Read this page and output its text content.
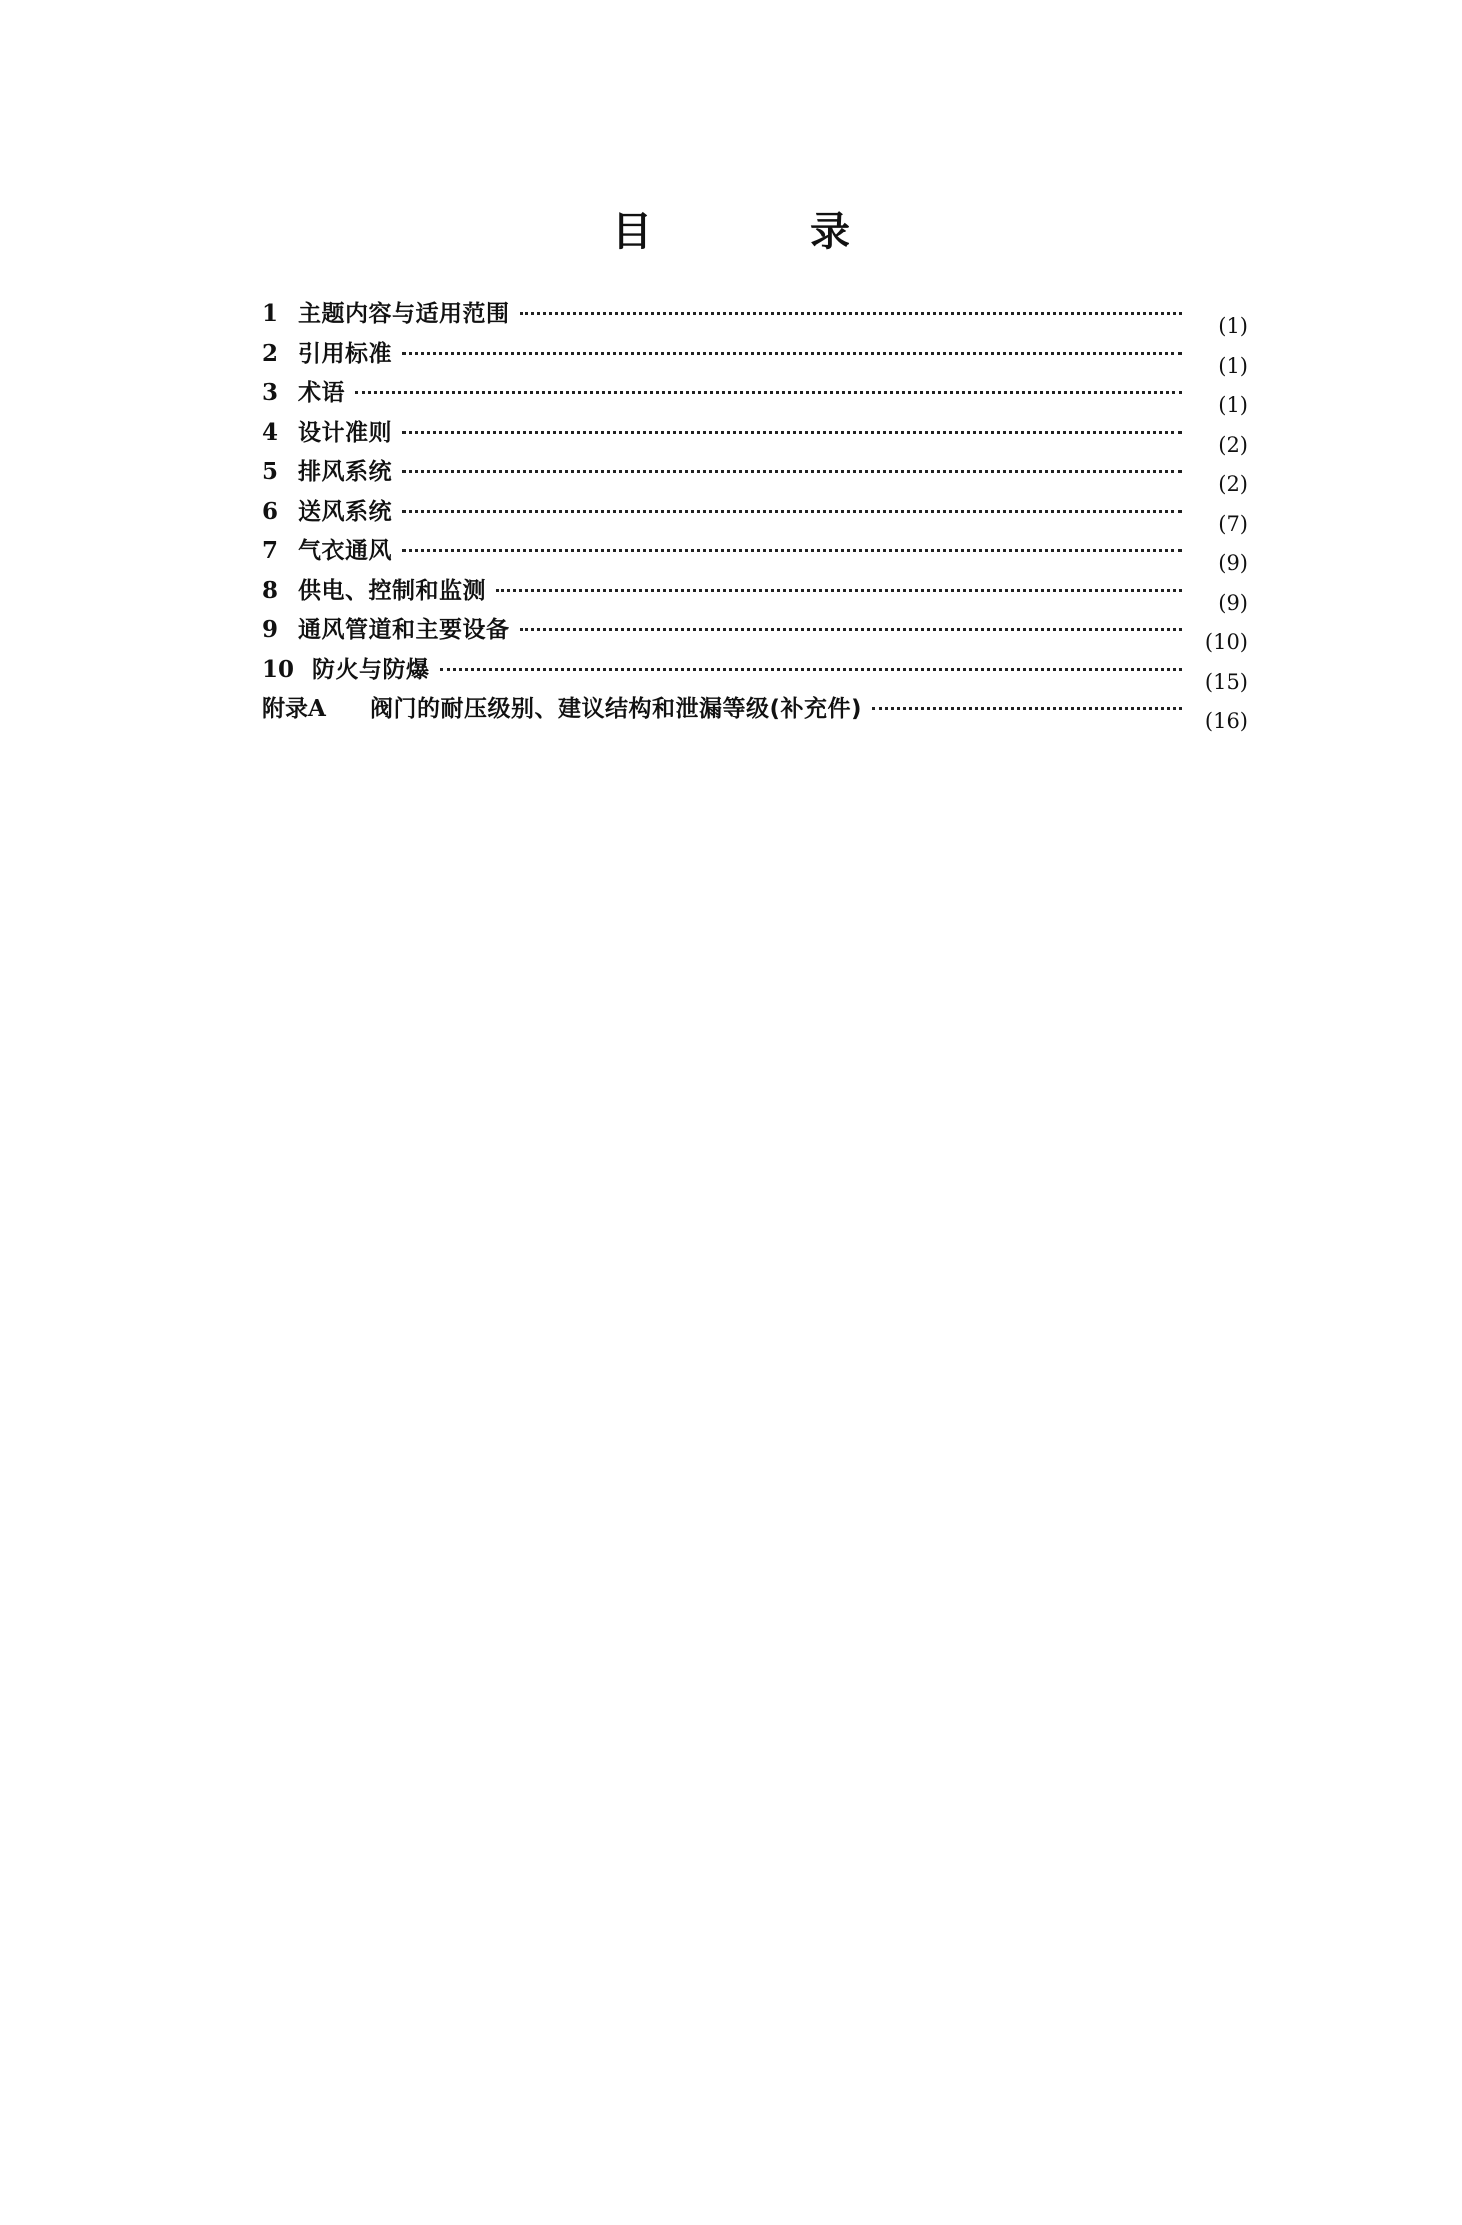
目 录
1 主题内容与适用范围	(1)
2 引用标准	(1)
3 术语	(1)
4 设计准则	(2)
5 排风系统	(2)
6 送风系统	(7)
7 气衣通风	(9)
8 供电、控制和监测	(9)
9 通风管道和主要设备	(10)
10 防火与防爆	(15)
附录A	阀门的耐压级别、建议结构和泄漏等级(补充件)	(16)
